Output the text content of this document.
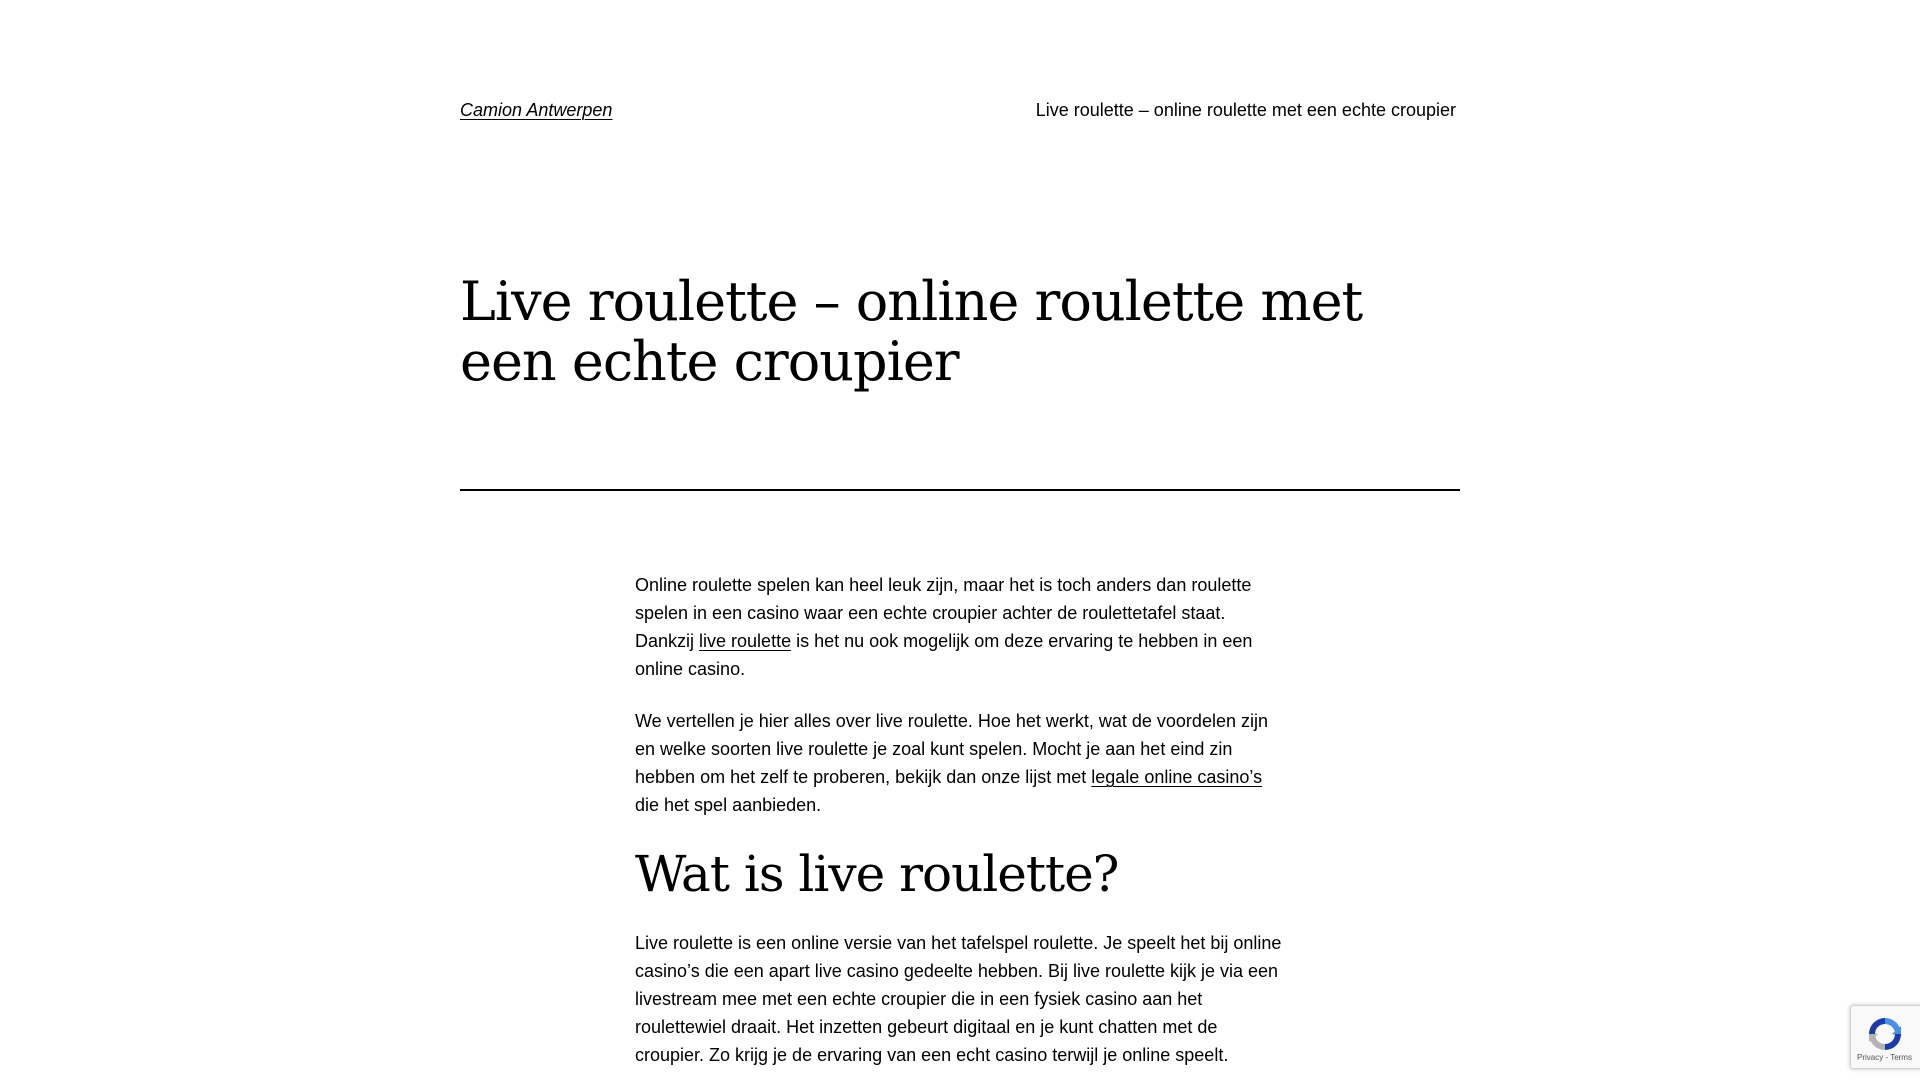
Camion Antwerpen	Live roulette – online roulette met een echte croupier
Live roulette – online roulette met een echte croupier

Online roulette spelen kan heel leuk zijn, maar het is toch anders dan roulette spelen in een casino waar een echte croupier achter de roulettetafel staat. Dankzij live roulette is het nu ook mogelijk om deze ervaring te hebben in een online casino.

We vertellen je hier alles over live roulette. Hoe het werkt, wat de voordelen zijn en welke soorten live roulette je zoal kunt spelen. Mocht je aan het eind zin hebben om het zelf te proberen, bekijk dan onze lijst met legale online casino’s die het spel aanbieden.

Wat is live roulette?

Live roulette is een online versie van het tafelspel roulette. Je speelt het bij online casino’s die een apart live casino gedeelte hebben. Bij live roulette kijk je via een livestream mee met een echte croupier die in een fysiek casino aan het roulettewiel draait. Het inzetten gebeurt digitaal en je kunt chatten met de croupier. Zo krijg je de ervaring van een echt casino terwijl je online speelt.	Privacy - Terms
